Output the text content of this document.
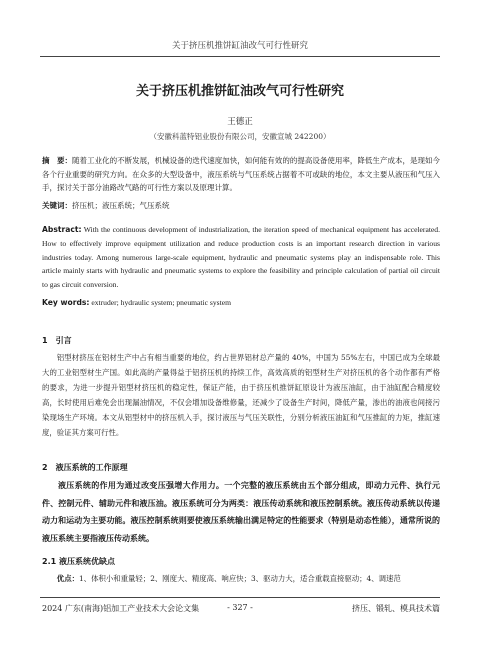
关于挤压机推饼缸油改气可行性研究
关于挤压机推饼缸油改气可行性研究
王德正
（安徽科蓝特铝业股份有限公司，安徽宣城 242200）

摘　要：随着工业化的不断发展，机械设备的迭代速度加快，如何能有效的的提高设备使用率，降低生产成本，是现如今各个行业重要的研究方向。在众多的大型设备中，液压系统与气压系统占据着不可或缺的地位，本文主要从液压和气压入手，探讨关于部分油路改气路的可行性方案以及原理计算。

关键词：挤压机；液压系统；气压系统

Abstract: With the continuous development of industrialization, the iteration speed of mechanical equipment has accelerated. How to effectively improve equipment utilization and reduce production costs is an important research direction in various industries today. Among numerous large-scale equipment, hydraulic and pneumatic systems play an indispensable role. This article mainly starts with hydraulic and pneumatic systems to explore the feasibility and principle calculation of partial oil circuit to gas circuit conversion.

Key words: extruder; hydraulic system; pneumatic system

1　引言

铝型材挤压在铝材生产中占有相当重要的地位，约占世界铝材总产量的 40%，中国为 55%左右，中国已成为全球最大的工业铝型材生产国。如此高的产量得益于铝挤压机的持续工作，高效高质的铝型材生产对挤压机的各个动作都有严格的要求，为进一步提升铝型材挤压机的稳定性，保证产能，由于挤压机推饼缸原设计为液压油缸，由于油缸配合精度较高，长时使用后难免会出现漏油情况，不仅会增加设备维修量，还减少了设备生产时间，降低产量，渗出的油液也间接污染现场生产环境。本文从铝型材中的挤压机入手，探讨液压与气压关联性，分别分析液压油缸和气压推缸的力矩，推缸速度，验证其方案可行性。

2　液压系统的工作原理

液压系统的作用为通过改变压强增大作用力。一个完整的液压系统由五个部分组成，即动力元件、执行元件、控制元件、辅助元件和液压油。液压系统可分为两类：液压传动系统和液压控制系统。液压传动系统以传递动力和运动为主要功能。液压控制系统则要使液压系统输出满足特定的性能要求（特别是动态性能），通常所说的液压系统主要指液压传动系统。

2.1 液压系统优缺点

优点：1、体积小和重量轻；2、刚度大、精度高、响应快；3、驱动力大，适合重载直接驱动；4、调速范

2024 广东(南海)铝加工产业技术大会论文集	- 327 -	挤压、锻轧、模具技术篇
